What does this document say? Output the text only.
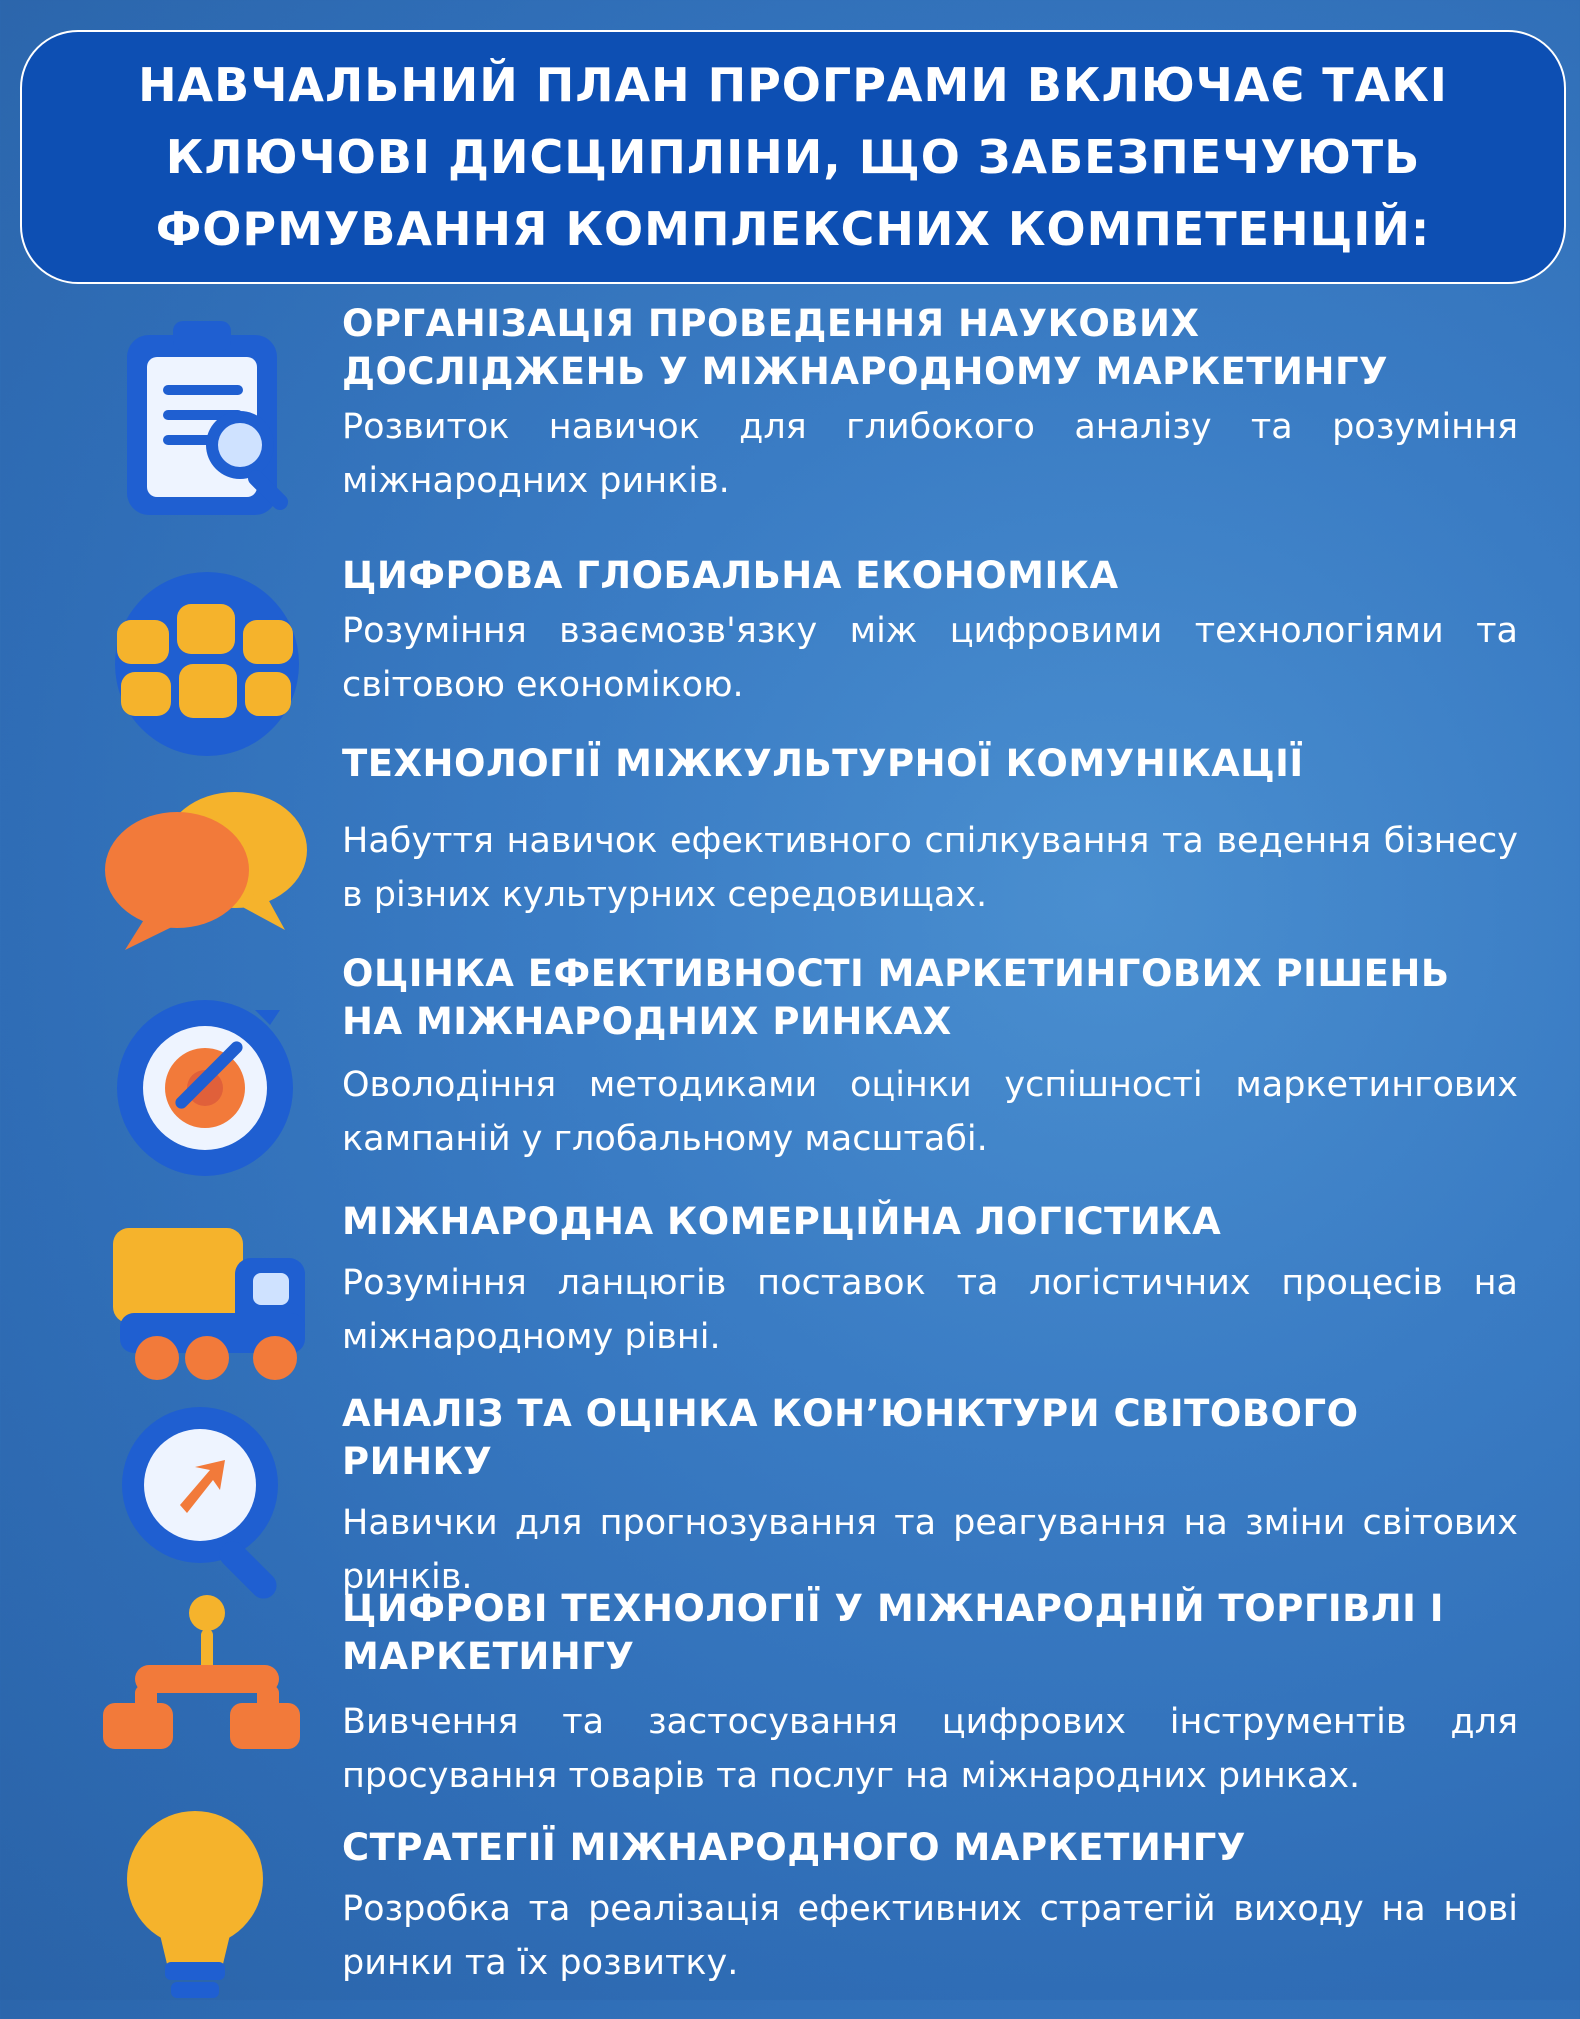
НАВЧАЛЬНИЙ ПЛАН ПРОГРАМИ ВКЛЮЧАЄ ТАКІ
КЛЮЧОВІ ДИСЦИПЛІНИ, ЩО ЗАБЕЗПЕЧУЮТЬ
ФОРМУВАННЯ КОМПЛЕКСНИХ КОМПЕТЕНЦІЙ:
ОРГАНІЗАЦІЯ ПРОВЕДЕННЯ НАУКОВИХ
ДОСЛІДЖЕНЬ У МІЖНАРОДНОМУ МАРКЕТИНГУ
Розвиток навичок для глибокого аналізу та розуміння міжнародних ринків.
ЦИФРОВА ГЛОБАЛЬНА ЕКОНОМІКА
Розуміння взаємозв'язку між цифровими технологіями та світовою економікою.
ТЕХНОЛОГІЇ МІЖКУЛЬТУРНОЇ КОМУНІКАЦІЇ
Набуття навичок ефективного спілкування та ведення бізнесу в різних культурних середовищах.
ОЦІНКА ЕФЕКТИВНОСТІ МАРКЕТИНГОВИХ РІШЕНЬ
НА МІЖНАРОДНИХ РИНКАХ
Оволодіння методиками оцінки успішності маркетингових кампаній у глобальному масштабі.
МІЖНАРОДНА КОМЕРЦІЙНА ЛОГІСТИКА
Розуміння ланцюгів поставок та логістичних процесів на міжнародному рівні.
АНАЛІЗ ТА ОЦІНКА КОН’ЮНКТУРИ СВІТОВОГО РИНКУ
Навички для прогнозування та реагування на зміни світових ринків.
ЦИФРОВІ ТЕХНОЛОГІЇ У МІЖНАРОДНІЙ ТОРГІВЛІ І
МАРКЕТИНГУ
Вивчення та застосування цифрових інструментів для просування товарів та послуг на міжнародних ринках.
СТРАТЕГІЇ МІЖНАРОДНОГО МАРКЕТИНГУ
Розробка та реалізація ефективних стратегій виходу на нові ринки та їх розвитку.
